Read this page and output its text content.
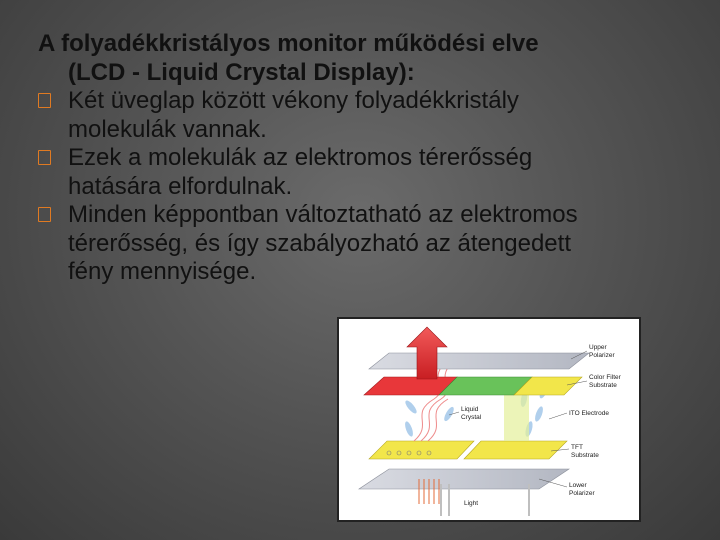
A folyadékkristályos monitor működési elve
(LCD - Liquid Crystal Display):
Két üveglap között vékony folyadékkristály
molekulák vannak.
Ezek a molekulák az elektromos térerősség
hatására elfordulnak.
Minden képpontban változtatható az elektromos
térerősség, és így szabályozható az átengedett
fény mennyisége.
Upper
Polarizer
Color Filter
Substrate
Liquid
Crystal
ITO Electrode
TFT
Substrate
Lower
Polarizer
Light
